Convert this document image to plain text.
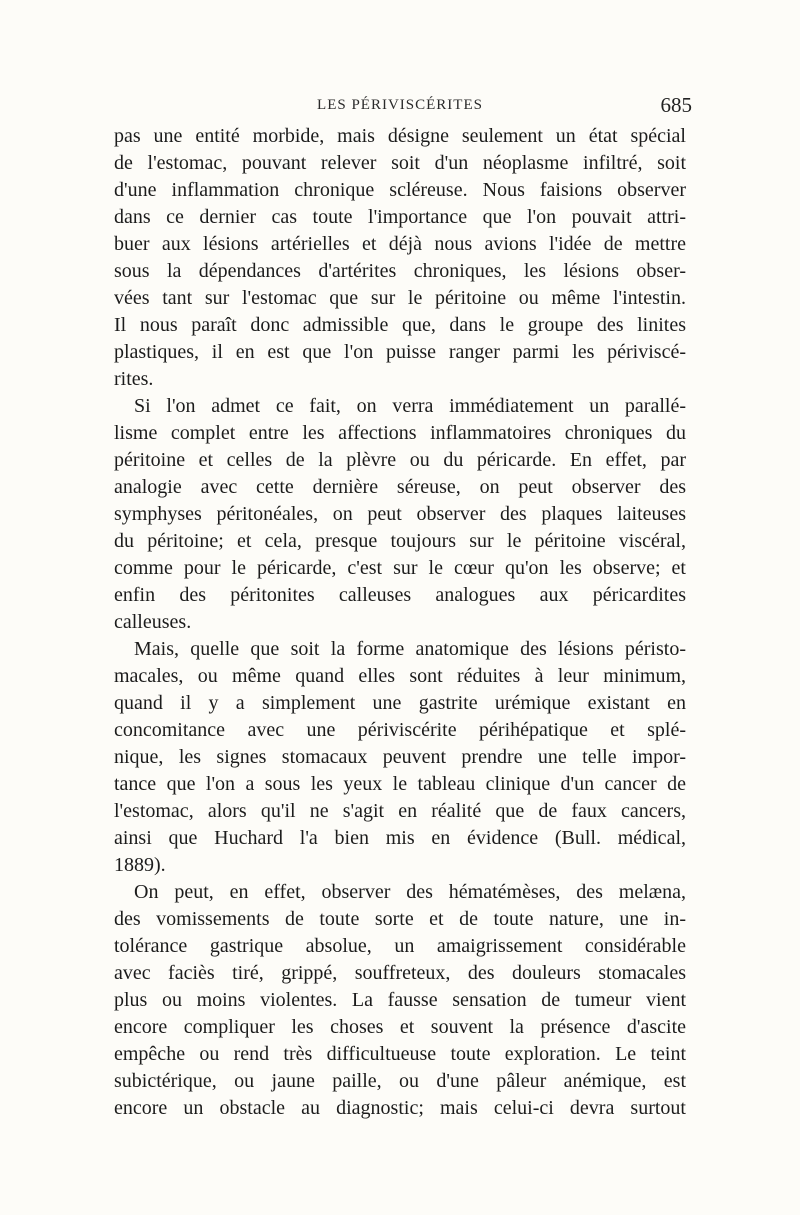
LES PÉRIVISCÉRITES	685
pas une entité morbide, mais désigne seulement un état spécial
de l'estomac, pouvant relever soit d'un néoplasme infiltré, soit
d'une inflammation chronique scléreuse. Nous faisions observer
dans ce dernier cas toute l'importance que l'on pouvait attri-
buer aux lésions artérielles et déjà nous avions l'idée de mettre
sous la dépendances d'artérites chroniques, les lésions obser-
vées tant sur l'estomac que sur le péritoine ou même l'intestin.
Il nous paraît donc admissible que, dans le groupe des linites
plastiques, il en est que l'on puisse ranger parmi les périviscé-
rites.
Si l'on admet ce fait, on verra immédiatement un parallé-
lisme complet entre les affections inflammatoires chroniques du
péritoine et celles de la plèvre ou du péricarde. En effet, par
analogie avec cette dernière séreuse, on peut observer des
symphyses péritonéales, on peut observer des plaques laiteuses
du péritoine; et cela, presque toujours sur le péritoine viscéral,
comme pour le péricarde, c'est sur le cœur qu'on les observe; et
enfin des péritonites calleuses analogues aux péricardites
calleuses.
Mais, quelle que soit la forme anatomique des lésions péristo-
macales, ou même quand elles sont réduites à leur minimum,
quand il y a simplement une gastrite urémique existant en
concomitance avec une périviscérite périhépatique et splé-
nique, les signes stomacaux peuvent prendre une telle impor-
tance que l'on a sous les yeux le tableau clinique d'un cancer de
l'estomac, alors qu'il ne s'agit en réalité que de faux cancers,
ainsi que Huchard l'a bien mis en évidence (Bull. médical,
1889).
On peut, en effet, observer des hématémèses, des melæna,
des vomissements de toute sorte et de toute nature, une in-
tolérance gastrique absolue, un amaigrissement considérable
avec faciès tiré, grippé, souffreteux, des douleurs stomacales
plus ou moins violentes. La fausse sensation de tumeur vient
encore compliquer les choses et souvent la présence d'ascite
empêche ou rend très difficultueuse toute exploration. Le teint
subictérique, ou jaune paille, ou d'une pâleur anémique, est
encore un obstacle au diagnostic; mais celui-ci devra surtout
